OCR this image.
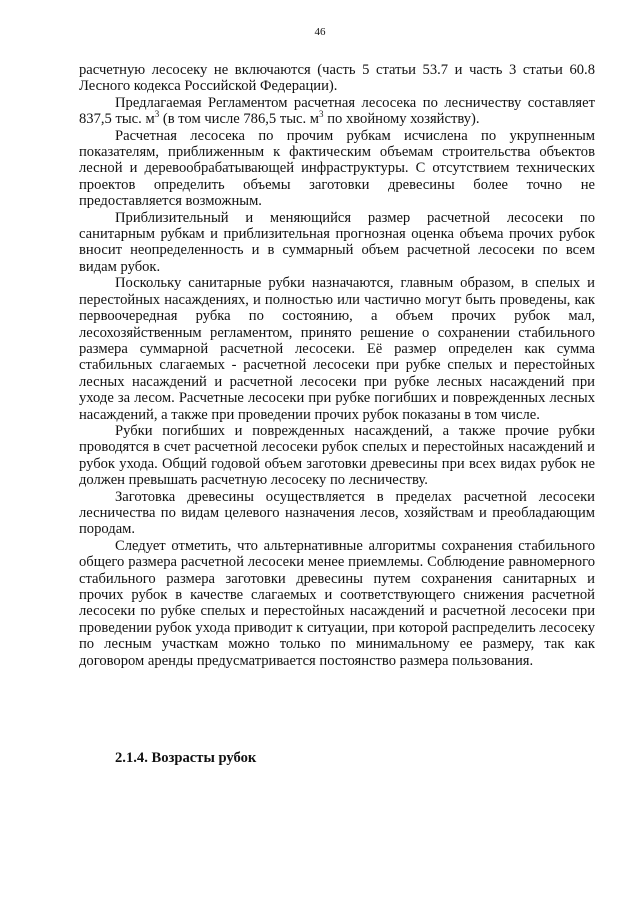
46

расчетную лесосеку не включаются (часть 5 статьи 53.7 и часть 3 статьи 60.8 Лесного кодекса Российской Федерации).

Предлагаемая Регламентом расчетная лесосека по лесничеству составляет 837,5 тыс. $м^3$ (в том числе 786,5 тыс. $м^3$ по хвойному хозяйству).

Расчетная лесосека по прочим рубкам исчислена по укрупненным показателям, приближенным к фактическим объемам строительства объектов лесной и деревообрабатывающей инфраструктуры. С отсутствием технических проектов определить объемы заготовки древесины более точно не предоставляется возможным.

Приблизительный и меняющийся размер расчетной лесосеки по санитарным рубкам и приблизительная прогнозная оценка объема прочих рубок вносит неопределенность и в суммарный объем расчетной лесосеки по всем видам рубок.

Поскольку санитарные рубки назначаются, главным образом, в спелых и перестойных насаждениях, и полностью или частично могут быть проведены, как первоочередная рубка по состоянию, а объем прочих рубок мал, лесохозяйственным регламентом, принято решение о сохранении стабильного размера суммарной расчетной лесосеки. Её размер определен как сумма стабильных слагаемых - расчетной лесосеки при рубке спелых и перестойных лесных насаждений и расчетной лесосеки при рубке лесных насаждений при уходе за лесом. Расчетные лесосеки при рубке погибших и поврежденных лесных насаждений, а также при проведении прочих рубок показаны в том числе.

Рубки погибших и поврежденных насаждений, а также прочие рубки проводятся в счет расчетной лесосеки рубок спелых и перестойных насаждений и рубок ухода. Общий годовой объем заготовки древесины при всех видах рубок не должен превышать расчетную лесосеку по лесничеству.

Заготовка древесины осуществляется в пределах расчетной лесосеки лесничества по видам целевого назначения лесов, хозяйствам и преобладающим породам.

Следует отметить, что альтернативные алгоритмы сохранения стабильного общего размера расчетной лесосеки менее приемлемы. Соблюдение равномерного стабильного размера заготовки древесины путем сохранения санитарных и прочих рубок в качестве слагаемых и соответствующего снижения расчетной лесосеки по рубке спелых и перестойных насаждений и расчетной лесосеки при проведении рубок ухода приводит к ситуации, при которой распределить лесосеку по лесным участкам можно только по минимальному ее размеру, так как договором аренды предусматривается постоянство размера пользования.

2.1.4. Возрасты рубок
